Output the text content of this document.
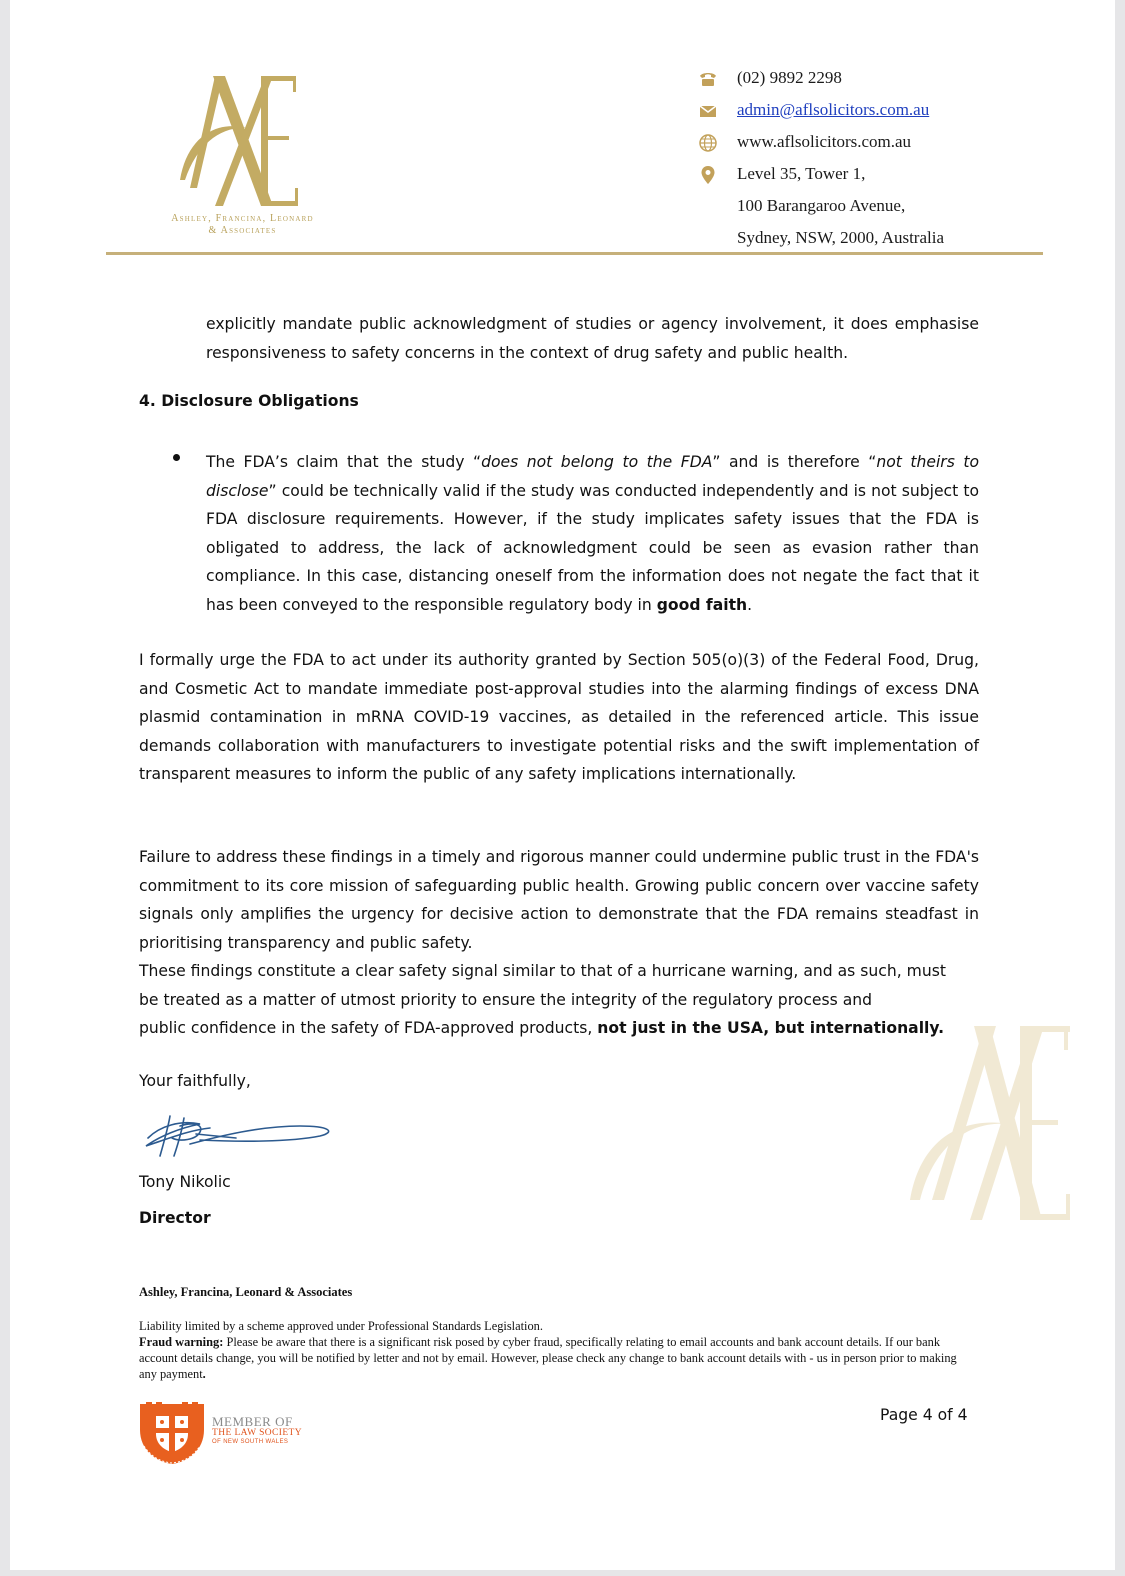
Ashley, Francina, Leonard
& Associates
(02) 9892 2298
admin@aflsolicitors.com.au
www.aflsolicitors.com.au
Level 35, Tower 1,
100 Barangaroo Avenue,
Sydney, NSW, 2000, Australia

explicitly mandate public acknowledgment of studies or agency involvement, it does emphasise responsiveness to safety concerns in the context of drug safety and public health.

4. Disclosure Obligations

The FDA’s claim that the study “does not belong to the FDA” and is therefore “not theirs to disclose” could be technically valid if the study was conducted independently and is not subject to FDA disclosure requirements. However, if the study implicates safety issues that the FDA is obligated to address, the lack of acknowledgment could be seen as evasion rather than compliance. In this case, distancing oneself from the information does not negate the fact that it has been conveyed to the responsible regulatory body in good faith.

I formally urge the FDA to act under its authority granted by Section 505(o)(3) of the Federal Food, Drug, and Cosmetic Act to mandate immediate post-approval studies into the alarming findings of excess DNA plasmid contamination in mRNA COVID-19 vaccines, as detailed in the referenced article. This issue demands collaboration with manufacturers to investigate potential risks and the swift implementation of transparent measures to inform the public of any safety implications internationally.

Failure to address these findings in a timely and rigorous manner could undermine public trust in the FDA's commitment to its core mission of safeguarding public health. Growing public concern over vaccine safety signals only amplifies the urgency for decisive action to demonstrate that the FDA remains steadfast in prioritising transparency and public safety.

These findings constitute a clear safety signal similar to that of a hurricane warning, and as such, must
be treated as a matter of utmost priority to ensure the integrity of the regulatory process and
public confidence in the safety of FDA-approved products, not just in the USA, but internationally.

Your faithfully,
Tony Nikolic
Director
Ashley, Francina, Leonard & Associates
Liability limited by a scheme approved under Professional Standards Legislation.
Fraud warning: Please be aware that there is a significant risk posed by cyber fraud, specifically relating to email accounts and bank account details. If our bank account details change, you will be notified by letter and not by email. However, please check any change to bank account details with - us in person prior to making any payment.
MEMBER OF
THE LAW SOCIETY
OF NEW SOUTH WALES
Page 4 of 4
